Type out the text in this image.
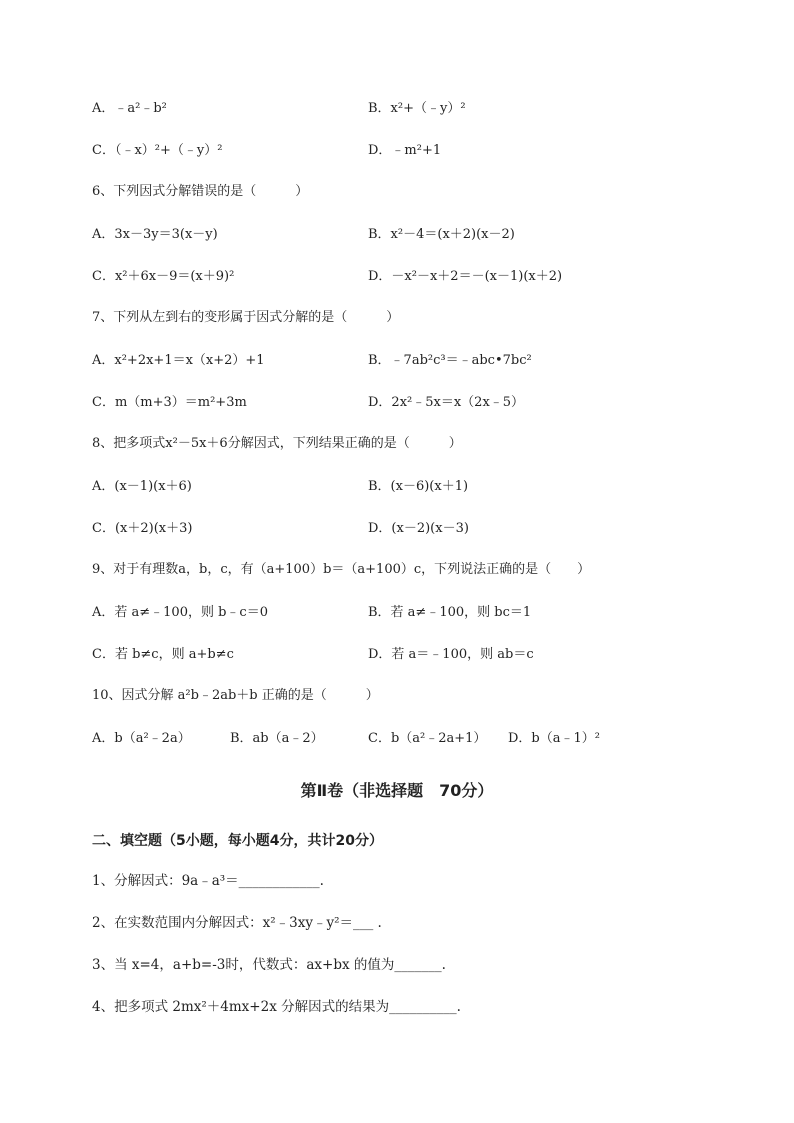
A．﹣a²﹣b²	B．x²+（﹣y）²
C．（﹣x）²+（﹣y）²	D．﹣m²+1
6、下列因式分解错误的是（　　　）
A．3x－3y＝3(x－y)	B．x²－4＝(x＋2)(x－2)
C．x²＋6x－9＝(x＋9)²	D．－x²－x＋2＝－(x－1)(x＋2)
7、下列从左到右的变形属于因式分解的是（　　　）
A．x²+2x+1＝x（x+2）+1	B．﹣7ab²c³＝﹣abc•7bc²
C．m（m+3）＝m²+3m	D．2x²﹣5x＝x（2x﹣5）
8、把多项式x²－5x＋6分解因式，下列结果正确的是（　　　）
A．(x－1)(x＋6)	B．(x－6)(x＋1)
C．(x＋2)(x＋3)	D．(x－2)(x－3)
9、对于有理数a，b，c，有（a+100）b＝（a+100）c，下列说法正确的是（　　）
A．若 a≠﹣100，则 b﹣c＝0	B．若 a≠﹣100，则 bc＝1
C．若 b≠c，则 a+b≠c	D．若 a＝﹣100，则 ab＝c
10、因式分解 a²b﹣2ab＋b 正确的是（　　　）
A．b（a²﹣2a）	B．ab（a﹣2）	C．b（a²﹣2a+1） D．b（a﹣1）²
第Ⅱ卷（非选择题　70分）
二、填空题（5小题，每小题4分，共计20分）
1、分解因式：9a﹣a³＝____________.
2、在实数范围内分解因式：x²﹣3xy﹣y²＝___ .
3、当 x=4，a+b=-3时，代数式：ax+bx 的值为_______.
4、把多项式 2mx²＋4mx+2x 分解因式的结果为__________.
